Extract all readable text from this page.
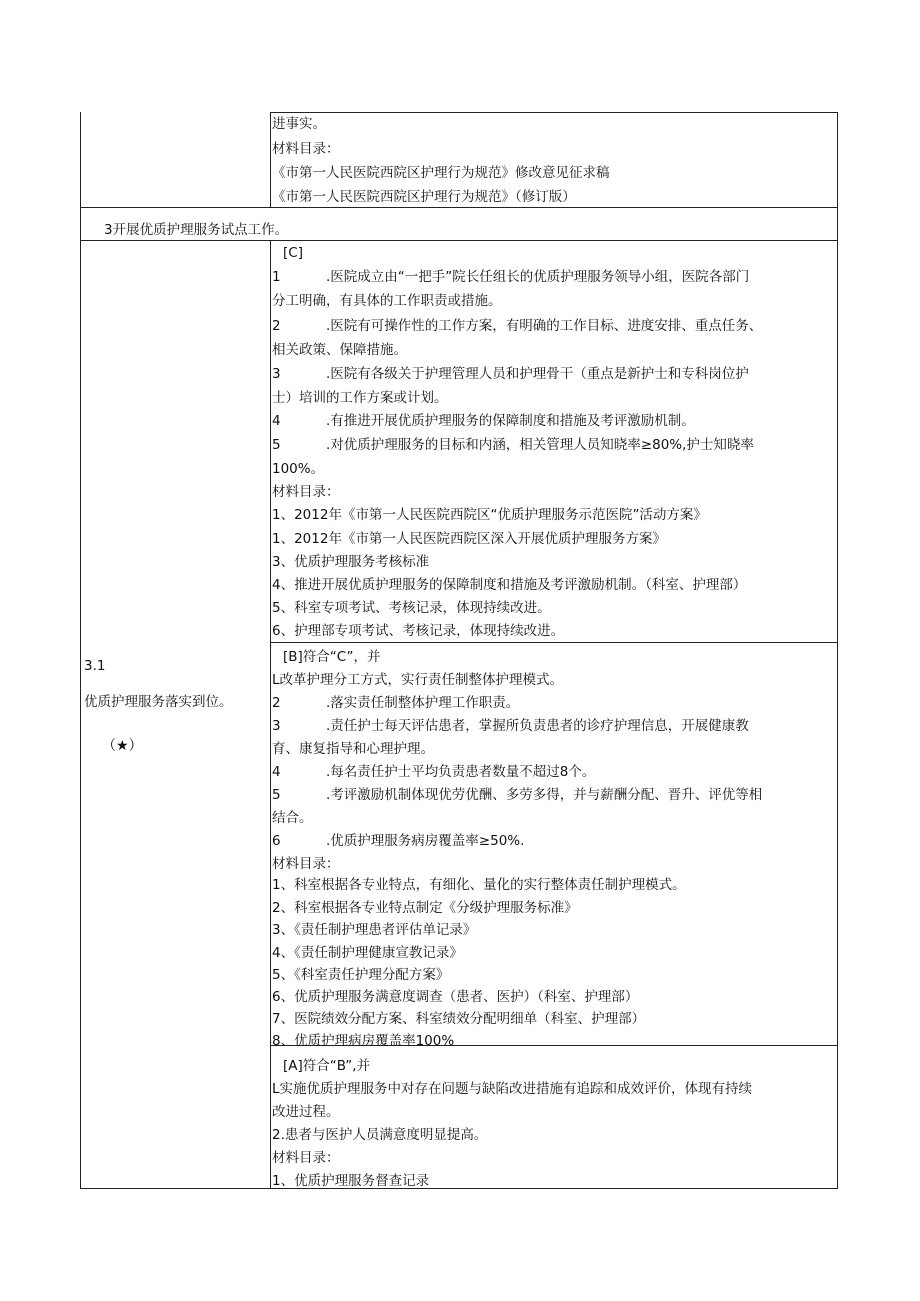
进事实。
材料目录：
《市第一人民医院西院区护理行为规范》修改意见征求稿
《市第一人民医院西院区护理行为规范》（修订版）
3开展优质护理服务试点工作。
3.1
优质护理服务落实到位。
（★）
[C]
1	.医院成立由“一把手”院长任组长的优质护理服务领导小组，医院各部门
分工明确，有具体的工作职责或措施。
2	.医院有可操作性的工作方案，有明确的工作目标、进度安排、重点任务、
相关政策、保障措施。
3	.医院有各级关于护理管理人员和护理骨干（重点是新护士和专科岗位护
士）培训的工作方案或计划。
4	.有推进开展优质护理服务的保障制度和措施及考评激励机制。
5	.对优质护理服务的目标和内涵，相关管理人员知晓率≥80%,护士知晓率
100%。
材料目录：
1、2012年《市第一人民医院西院区“优质护理服务示范医院”活动方案》
1、2012年《市第一人民医院西院区深入开展优质护理服务方案》
3、优质护理服务考核标准
4、推进开展优质护理服务的保障制度和措施及考评激励机制。（科室、护理部）
5、科室专项考试、考核记录，体现持续改进。
6、护理部专项考试、考核记录，体现持续改进。
[B]符合“C”，并
L改革护理分工方式，实行责任制整体护理模式。
2	.落实责任制整体护理工作职责。
3	.责任护士每天评估患者，掌握所负责患者的诊疗护理信息，开展健康教
育、康复指导和心理护理。
4	.每名责任护士平均负责患者数量不超过8个。
5	.考评激励机制体现优劳优酬、多劳多得，并与薪酬分配、晋升、评优等相
结合。
6	.优质护理服务病房覆盖率≥50%.
材料目录：
1、科室根据各专业特点，有细化、量化的实行整体责任制护理模式。
2、科室根据各专业特点制定《分级护理服务标准》
3、《责任制护理患者评估单记录》
4、《责任制护理健康宣教记录》
5、《科室责任护理分配方案》
6、优质护理服务满意度调查（患者、医护）（科室、护理部）
7、医院绩效分配方案、科室绩效分配明细单（科室、护理部）
8、优质护理病房覆盖率100%
[A]符合“B”,并
L实施优质护理服务中对存在问题与缺陷改进措施有追踪和成效评价，体现有持续
改进过程。
2.患者与医护人员满意度明显提高。
材料目录：
1、优质护理服务督查记录
